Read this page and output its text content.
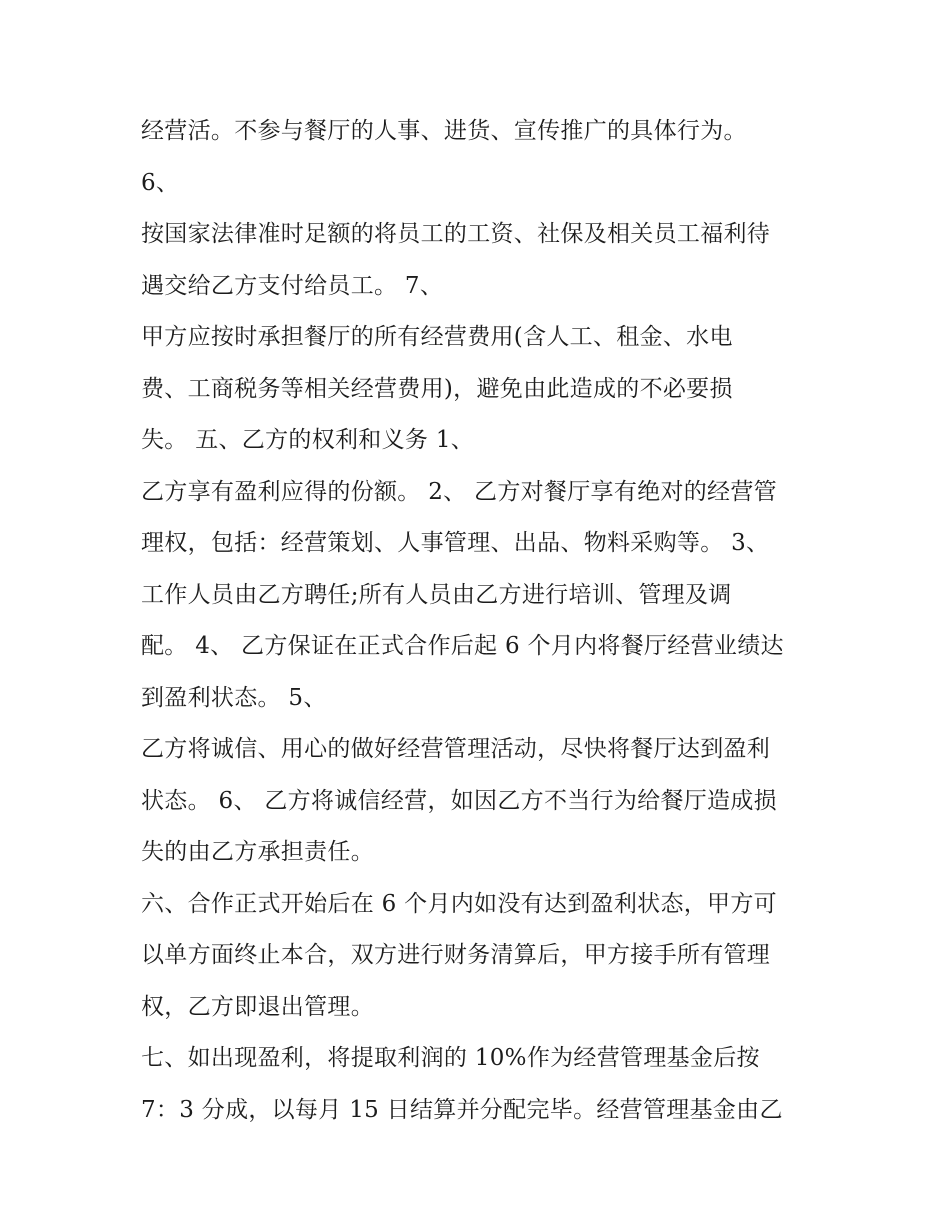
经营活。不参与餐厅的人事、进货、宣传推广的具体行为。
6、
按国家法律准时足额的将员工的工资、社保及相关员工福利待
遇交给乙方支付给员工。 7、
甲方应按时承担餐厅的所有经营费用(含人工、租金、水电
费、工商税务等相关经营费用)，避免由此造成的不必要损
失。 五、乙方的权利和义务 1、
乙方享有盈利应得的份额。 2、 乙方对餐厅享有绝对的经营管
理权，包括：经营策划、人事管理、出品、物料采购等。 3、
工作人员由乙方聘任;所有人员由乙方进行培训、管理及调
配。 4、 乙方保证在正式合作后起 6 个月内将餐厅经营业绩达
到盈利状态。 5、
乙方将诚信、用心的做好经营管理活动，尽快将餐厅达到盈利
状态。 6、 乙方将诚信经营，如因乙方不当行为给餐厅造成损
失的由乙方承担责任。
六、合作正式开始后在 6 个月内如没有达到盈利状态，甲方可
以单方面终止本合，双方进行财务清算后，甲方接手所有管理
权，乙方即退出管理。
七、如出现盈利，将提取利润的 10%作为经营管理基金后按
7：3 分成，以每月 15 日结算并分配完毕。经营管理基金由乙
